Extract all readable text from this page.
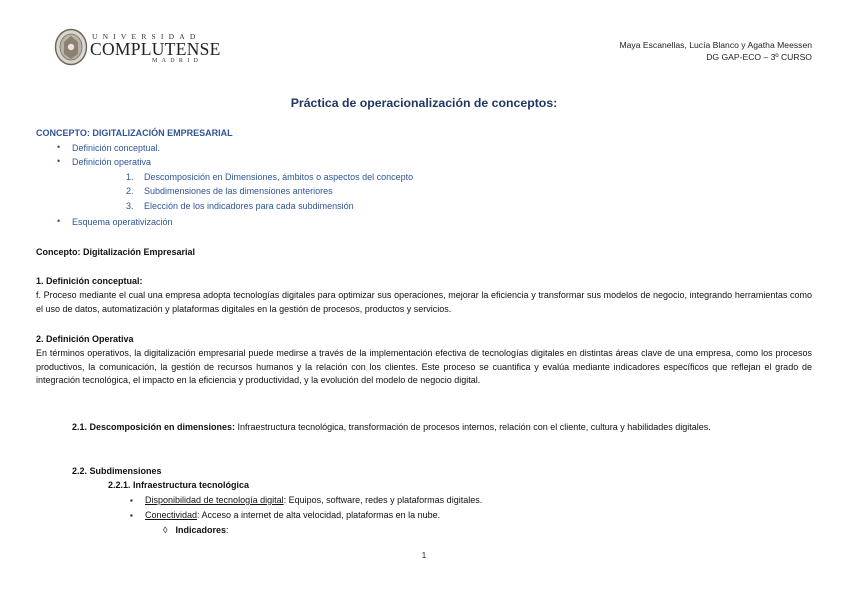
UNIVERSIDAD
COMPLUTENSE
MADRID
Maya Escanellas, Lucía Blanco y Agatha Meessen
DG GAP-ECO – 3º CURSO
Práctica de operacionalización de conceptos:
CONCEPTO: DIGITALIZACIÓN EMPRESARIAL
• Definición conceptual.
• Definición operativa
• Esquema operativización
1. Descomposición en Dimensiones, ámbitos o aspectos del concepto
2. Subdimensiones de las dimensiones anteriores
3. Elección de los indicadores para cada subdimensión
Concepto: Digitalización Empresarial
1. Definición conceptual:
f. Proceso mediante el cual una empresa adopta tecnologías digitales para optimizar sus operaciones, mejorar la eficiencia y transformar sus modelos de negocio, integrando herramientas como el uso de datos, automatización y plataformas digitales en la gestión de procesos, productos y servicios.
2. Definición Operativa
En términos operativos, la digitalización empresarial puede medirse a través de la implementación efectiva de tecnologías digitales en distintas áreas clave de una empresa, como los procesos productivos, la comunicación, la gestión de recursos humanos y la relación con los clientes. Este proceso se cuantifica y evalúa mediante indicadores específicos que reflejan el grado de integración tecnológica, el impacto en la eficiencia y productividad, y la evolución del modelo de negocio digital.
2.1. Descomposición en dimensiones: Infraestructura tecnológica, transformación de procesos internos, relación con el cliente, cultura y habilidades digitales.
2.2. Subdimensiones
2.2.1. Infraestructura tecnológica
▪ Disponibilidad de tecnología digital: Equipos, software, redes y plataformas digitales.
▪ Conectividad: Acceso a internet de alta velocidad, plataformas en la nube.
◊ Indicadores:
1
